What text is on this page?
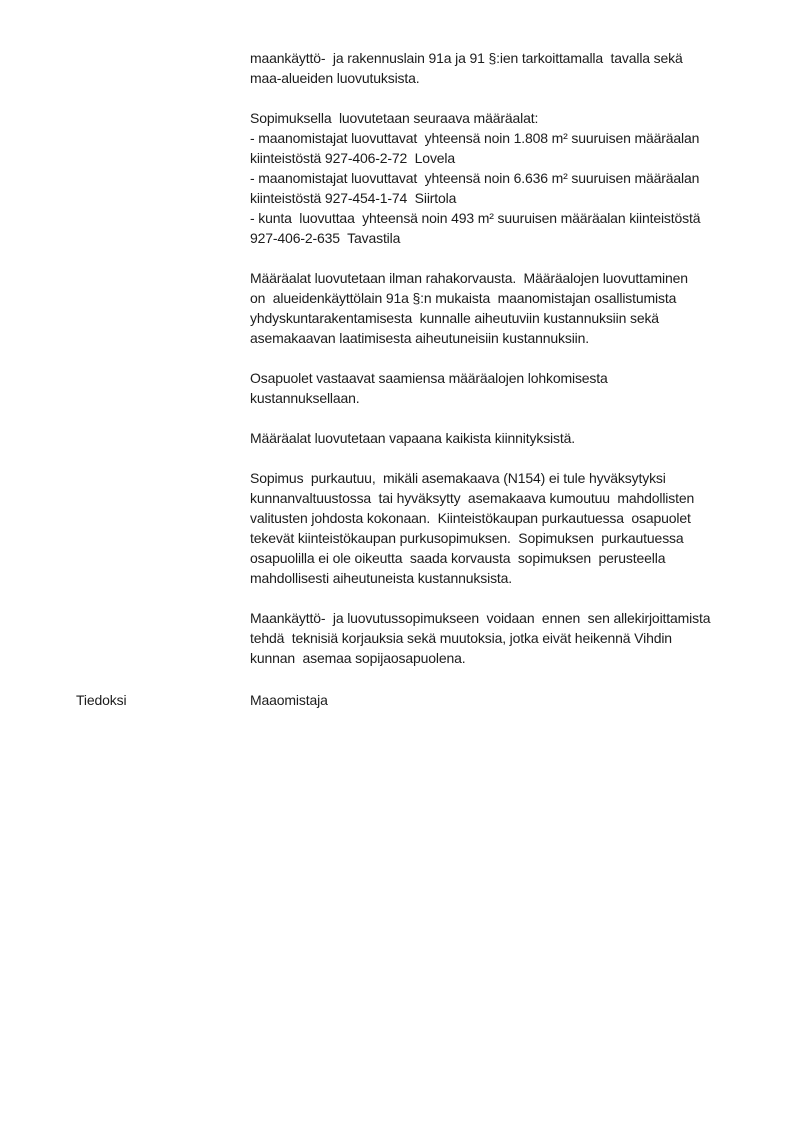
maankäyttö-  ja rakennuslain 91a ja 91 §:ien tarkoittamalla  tavalla sekä
maa-alueiden luovutuksista.
Sopimuksella  luovutetaan seuraava määräalat:
- maanomistajat luovuttavat  yhteensä noin 1.808 m² suuruisen määräalan
kiinteistöstä 927-406-2-72  Lovela
- maanomistajat luovuttavat  yhteensä noin 6.636 m² suuruisen määräalan
kiinteistöstä 927-454-1-74  Siirtola
- kunta  luovuttaa  yhteensä noin 493 m² suuruisen määräalan kiinteistöstä
927-406-2-635  Tavastila
Määräalat luovutetaan ilman rahakorvausta.  Määräalojen luovuttaminen
on  alueidenkäyttölain 91a §:n mukaista  maanomistajan osallistumista
yhdyskuntarakentamisesta  kunnalle aiheutuviin kustannuksiin sekä
asemakaavan laatimisesta aiheutuneisiin kustannuksiin.
Osapuolet vastaavat saamiensa määräalojen lohkomisesta
kustannuksellaan.
Määräalat luovutetaan vapaana kaikista kiinnityksistä.
Sopimus  purkautuu,  mikäli asemakaava (N154) ei tule hyväksytyksi
kunnanvaltuustossa  tai hyväksytty  asemakaava kumoutuu  mahdollisten
valitusten johdosta kokonaan.  Kiinteistökaupan purkautuessa  osapuolet
tekevät kiinteistökaupan purkusopimuksen.  Sopimuksen  purkautuessa
osapuolilla ei ole oikeutta  saada korvausta  sopimuksen  perusteella
mahdollisesti aiheutuneista kustannuksista.
Maankäyttö-  ja luovutussopimukseen  voidaan  ennen  sen allekirjoittamista
tehdä  teknisiä korjauksia sekä muutoksia, jotka eivät heikennä Vihdin
kunnan  asemaa sopijaosapuolena.
Tiedoksi	Maaomistaja
